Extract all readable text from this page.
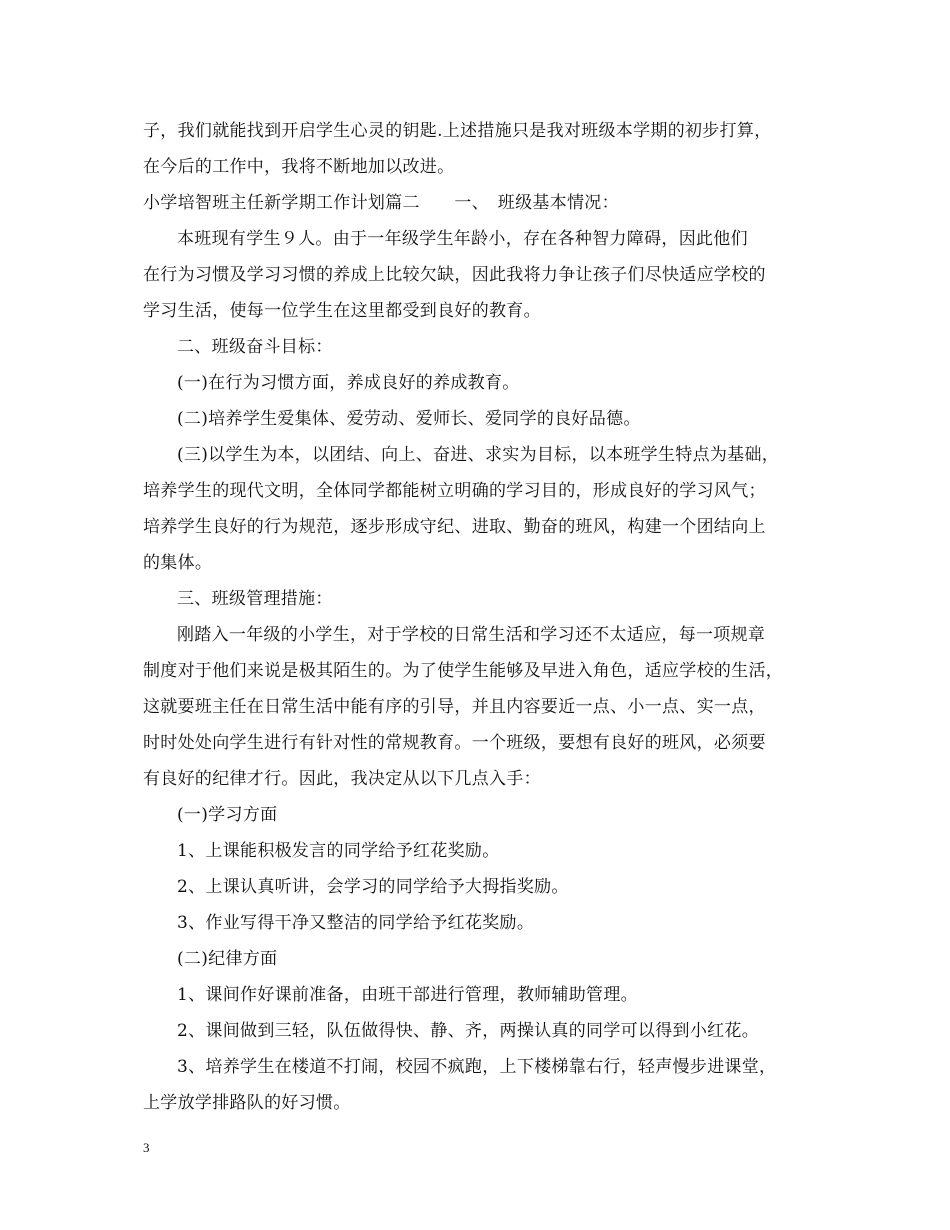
子，我们就能找到开启学生心灵的钥匙.上述措施只是我对班级本学期的初步打算，
在今后的工作中，我将不断地加以改进。
小学培智班主任新学期工作计划篇二　　一、　班级基本情况：
本班现有学生９人。由于一年级学生年龄小，存在各种智力障碍，因此他们
在行为习惯及学习习惯的养成上比较欠缺，因此我将力争让孩子们尽快适应学校的
学习生活，使每一位学生在这里都受到良好的教育。
二、班级奋斗目标：
(一)在行为习惯方面，养成良好的养成教育。
(二)培养学生爱集体、爱劳动、爱师长、爱同学的良好品德。
(三)以学生为本，以团结、向上、奋进、求实为目标，以本班学生特点为基础，
培养学生的现代文明，全体同学都能树立明确的学习目的，形成良好的学习风气；
培养学生良好的行为规范，逐步形成守纪、进取、勤奋的班风，构建一个团结向上
的集体。
三、班级管理措施：
刚踏入一年级的小学生，对于学校的日常生活和学习还不太适应，每一项规章
制度对于他们来说是极其陌生的。为了使学生能够及早进入角色，适应学校的生活，
这就要班主任在日常生活中能有序的引导，并且内容要近一点、小一点、实一点，
时时处处向学生进行有针对性的常规教育。一个班级，要想有良好的班风，必须要
有良好的纪律才行。因此，我决定从以下几点入手：
(一)学习方面
1、上课能积极发言的同学给予红花奖励。
2、上课认真听讲，会学习的同学给予大拇指奖励。
3、作业写得干净又整洁的同学给予红花奖励。
(二)纪律方面
1、课间作好课前准备，由班干部进行管理，教师辅助管理。
2、课间做到三轻，队伍做得快、静、齐，两操认真的同学可以得到小红花。
3、培养学生在楼道不打闹，校园不疯跑，上下楼梯靠右行，轻声慢步进课堂，
上学放学排路队的好习惯。
3
